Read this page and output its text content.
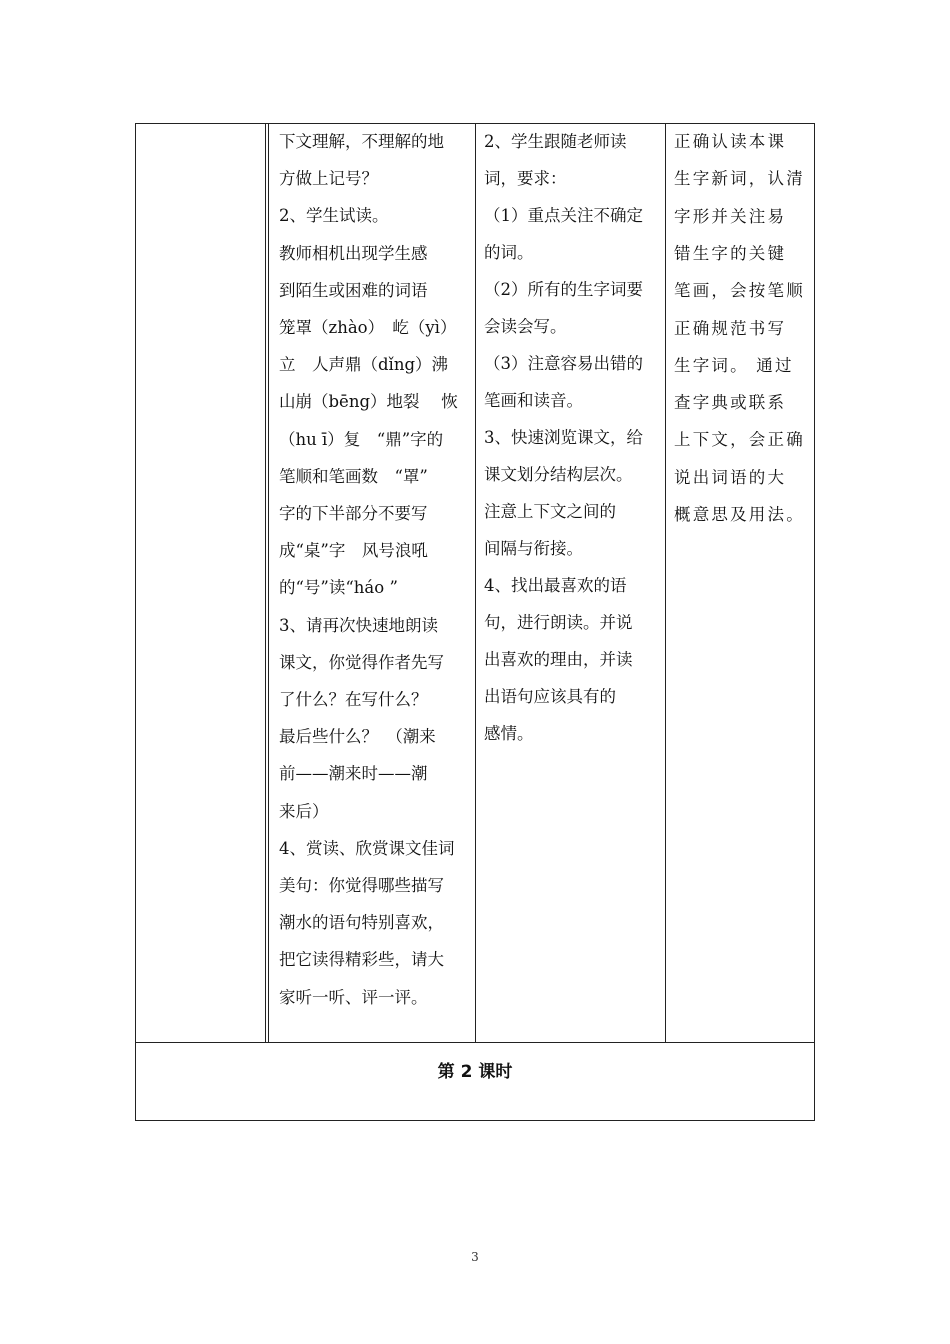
下文理解，不理解的地
方做上记号？
2、学生试读。
教师相机出现学生感
到陌生或困难的词语
笼罩（zhào）　屹（yì）
立　人声鼎（dǐng）沸
山崩（bēng）地裂　 恢
（hu ī）复　“鼎”字的
笔顺和笔画数　“罩”
字的下半部分不要写
成“桌”字　风号浪吼
的“号”读“háo ”
3、请再次快速地朗读
课文，你觉得作者先写
了什么？在写什么？
最后些什么？　（潮来
前——潮来时——潮
来后）
4、赏读、欣赏课文佳词
美句：你觉得哪些描写
潮水的语句特别喜欢，
把它读得精彩些，请大
家听一听、评一评。
2、学生跟随老师读
词，要求：
（1）重点关注不确定
的词。
（2）所有的生字词要
会读会写。
（3）注意容易出错的
笔画和读音。
3、快速浏览课文，给
课文划分结构层次。
注意上下文之间的
间隔与衔接。
4、找出最喜欢的语
句，进行朗读。并说
出喜欢的理由，并读
出语句应该具有的
感情。
正确认读本课
生字新词，认清
字形并关注易
错生字的关键
笔画，会按笔顺
正确规范书写
生字词。 通过
查字典或联系
上下文，会正确
说出词语的大
概意思及用法。
第 2 课时
3
